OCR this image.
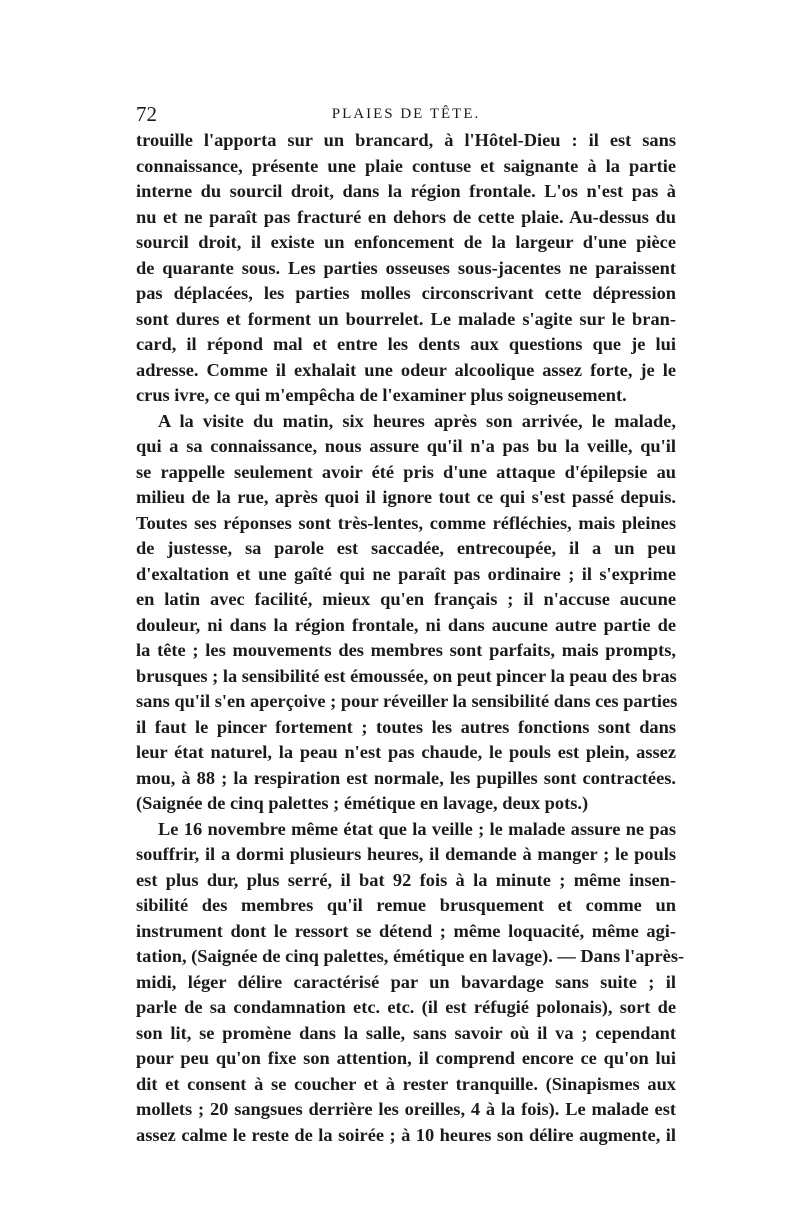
72	PLAIES DE TÊTE.
trouille l'apporta sur un brancard, à l'Hôtel-Dieu : il est sans
connaissance, présente une plaie contuse et saignante à la partie
interne du sourcil droit, dans la région frontale. L'os n'est pas à
nu et ne paraît pas fracturé en dehors de cette plaie. Au-dessus du
sourcil droit, il existe un enfoncement de la largeur d'une pièce
de quarante sous. Les parties osseuses sous-jacentes ne paraissent
pas déplacées, les parties molles circonscrivant cette dépression
sont dures et forment un bourrelet. Le malade s'agite sur le bran-
card, il répond mal et entre les dents aux questions que je lui
adresse. Comme il exhalait une odeur alcoolique assez forte, je le
crus ivre, ce qui m'empêcha de l'examiner plus soigneusement.
A la visite du matin, six heures après son arrivée, le malade,
qui a sa connaissance, nous assure qu'il n'a pas bu la veille, qu'il
se rappelle seulement avoir été pris d'une attaque d'épilepsie au
milieu de la rue, après quoi il ignore tout ce qui s'est passé depuis.
Toutes ses réponses sont très-lentes, comme réfléchies, mais pleines
de justesse, sa parole est saccadée, entrecoupée, il a un peu
d'exaltation et une gaîté qui ne paraît pas ordinaire ; il s'exprime
en latin avec facilité, mieux qu'en français ; il n'accuse aucune
douleur, ni dans la région frontale, ni dans aucune autre partie de
la tête ; les mouvements des membres sont parfaits, mais prompts,
brusques ; la sensibilité est émoussée, on peut pincer la peau des bras
sans qu'il s'en aperçoive ; pour réveiller la sensibilité dans ces parties
il faut le pincer fortement ; toutes les autres fonctions sont dans
leur état naturel, la peau n'est pas chaude, le pouls est plein, assez
mou, à 88 ; la respiration est normale, les pupilles sont contractées.
(Saignée de cinq palettes ; émétique en lavage, deux pots.)
Le 16 novembre même état que la veille ; le malade assure ne pas
souffrir, il a dormi plusieurs heures, il demande à manger ; le pouls
est plus dur, plus serré, il bat 92 fois à la minute ; même insen-
sibilité des membres qu'il remue brusquement et comme un
instrument dont le ressort se détend ; même loquacité, même agi-
tation, (Saignée de cinq palettes, émétique en lavage). — Dans l'après-
midi, léger délire caractérisé par un bavardage sans suite ; il
parle de sa condamnation etc. etc. (il est réfugié polonais), sort de
son lit, se promène dans la salle, sans savoir où il va ; cependant
pour peu qu'on fixe son attention, il comprend encore ce qu'on lui
dit et consent à se coucher et à rester tranquille. (Sinapismes aux
mollets ; 20 sangsues derrière les oreilles, 4 à la fois). Le malade est
assez calme le reste de la soirée ; à 10 heures son délire augmente, il
